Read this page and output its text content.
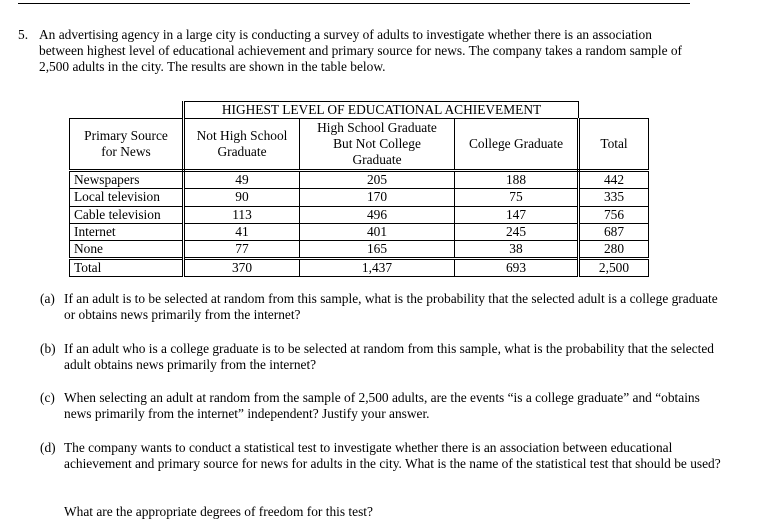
5. An advertising agency in a large city is conducting a survey of adults to investigate whether there is an association between highest level of educational achievement and primary source for news. The company takes a random sample of 2,500 adults in the city. The results are shown in the table below.
	HIGHEST LEVEL OF EDUCATIONAL ACHIEVEMENT			
Primary Source for News	Not High School Graduate	High School Graduate But Not College Graduate	College Graduate	Total
Newspapers	49	205	188	442
Local television	90	170	75	335
Cable television	113	496	147	756
Internet	41	401	245	687
None	77	165	38	280
Total	370	1,437	693	2,500
(a) If an adult is to be selected at random from this sample, what is the probability that the selected adult is a college graduate or obtains news primarily from the internet?
(b) If an adult who is a college graduate is to be selected at random from this sample, what is the probability that the selected adult obtains news primarily from the internet?
(c) When selecting an adult at random from the sample of 2,500 adults, are the events “is a college graduate” and “obtains news primarily from the internet” independent? Justify your answer.
(d) The company wants to conduct a statistical test to investigate whether there is an association between educational achievement and primary source for news for adults in the city. What is the name of the statistical test that should be used?
What are the appropriate degrees of freedom for this test?
